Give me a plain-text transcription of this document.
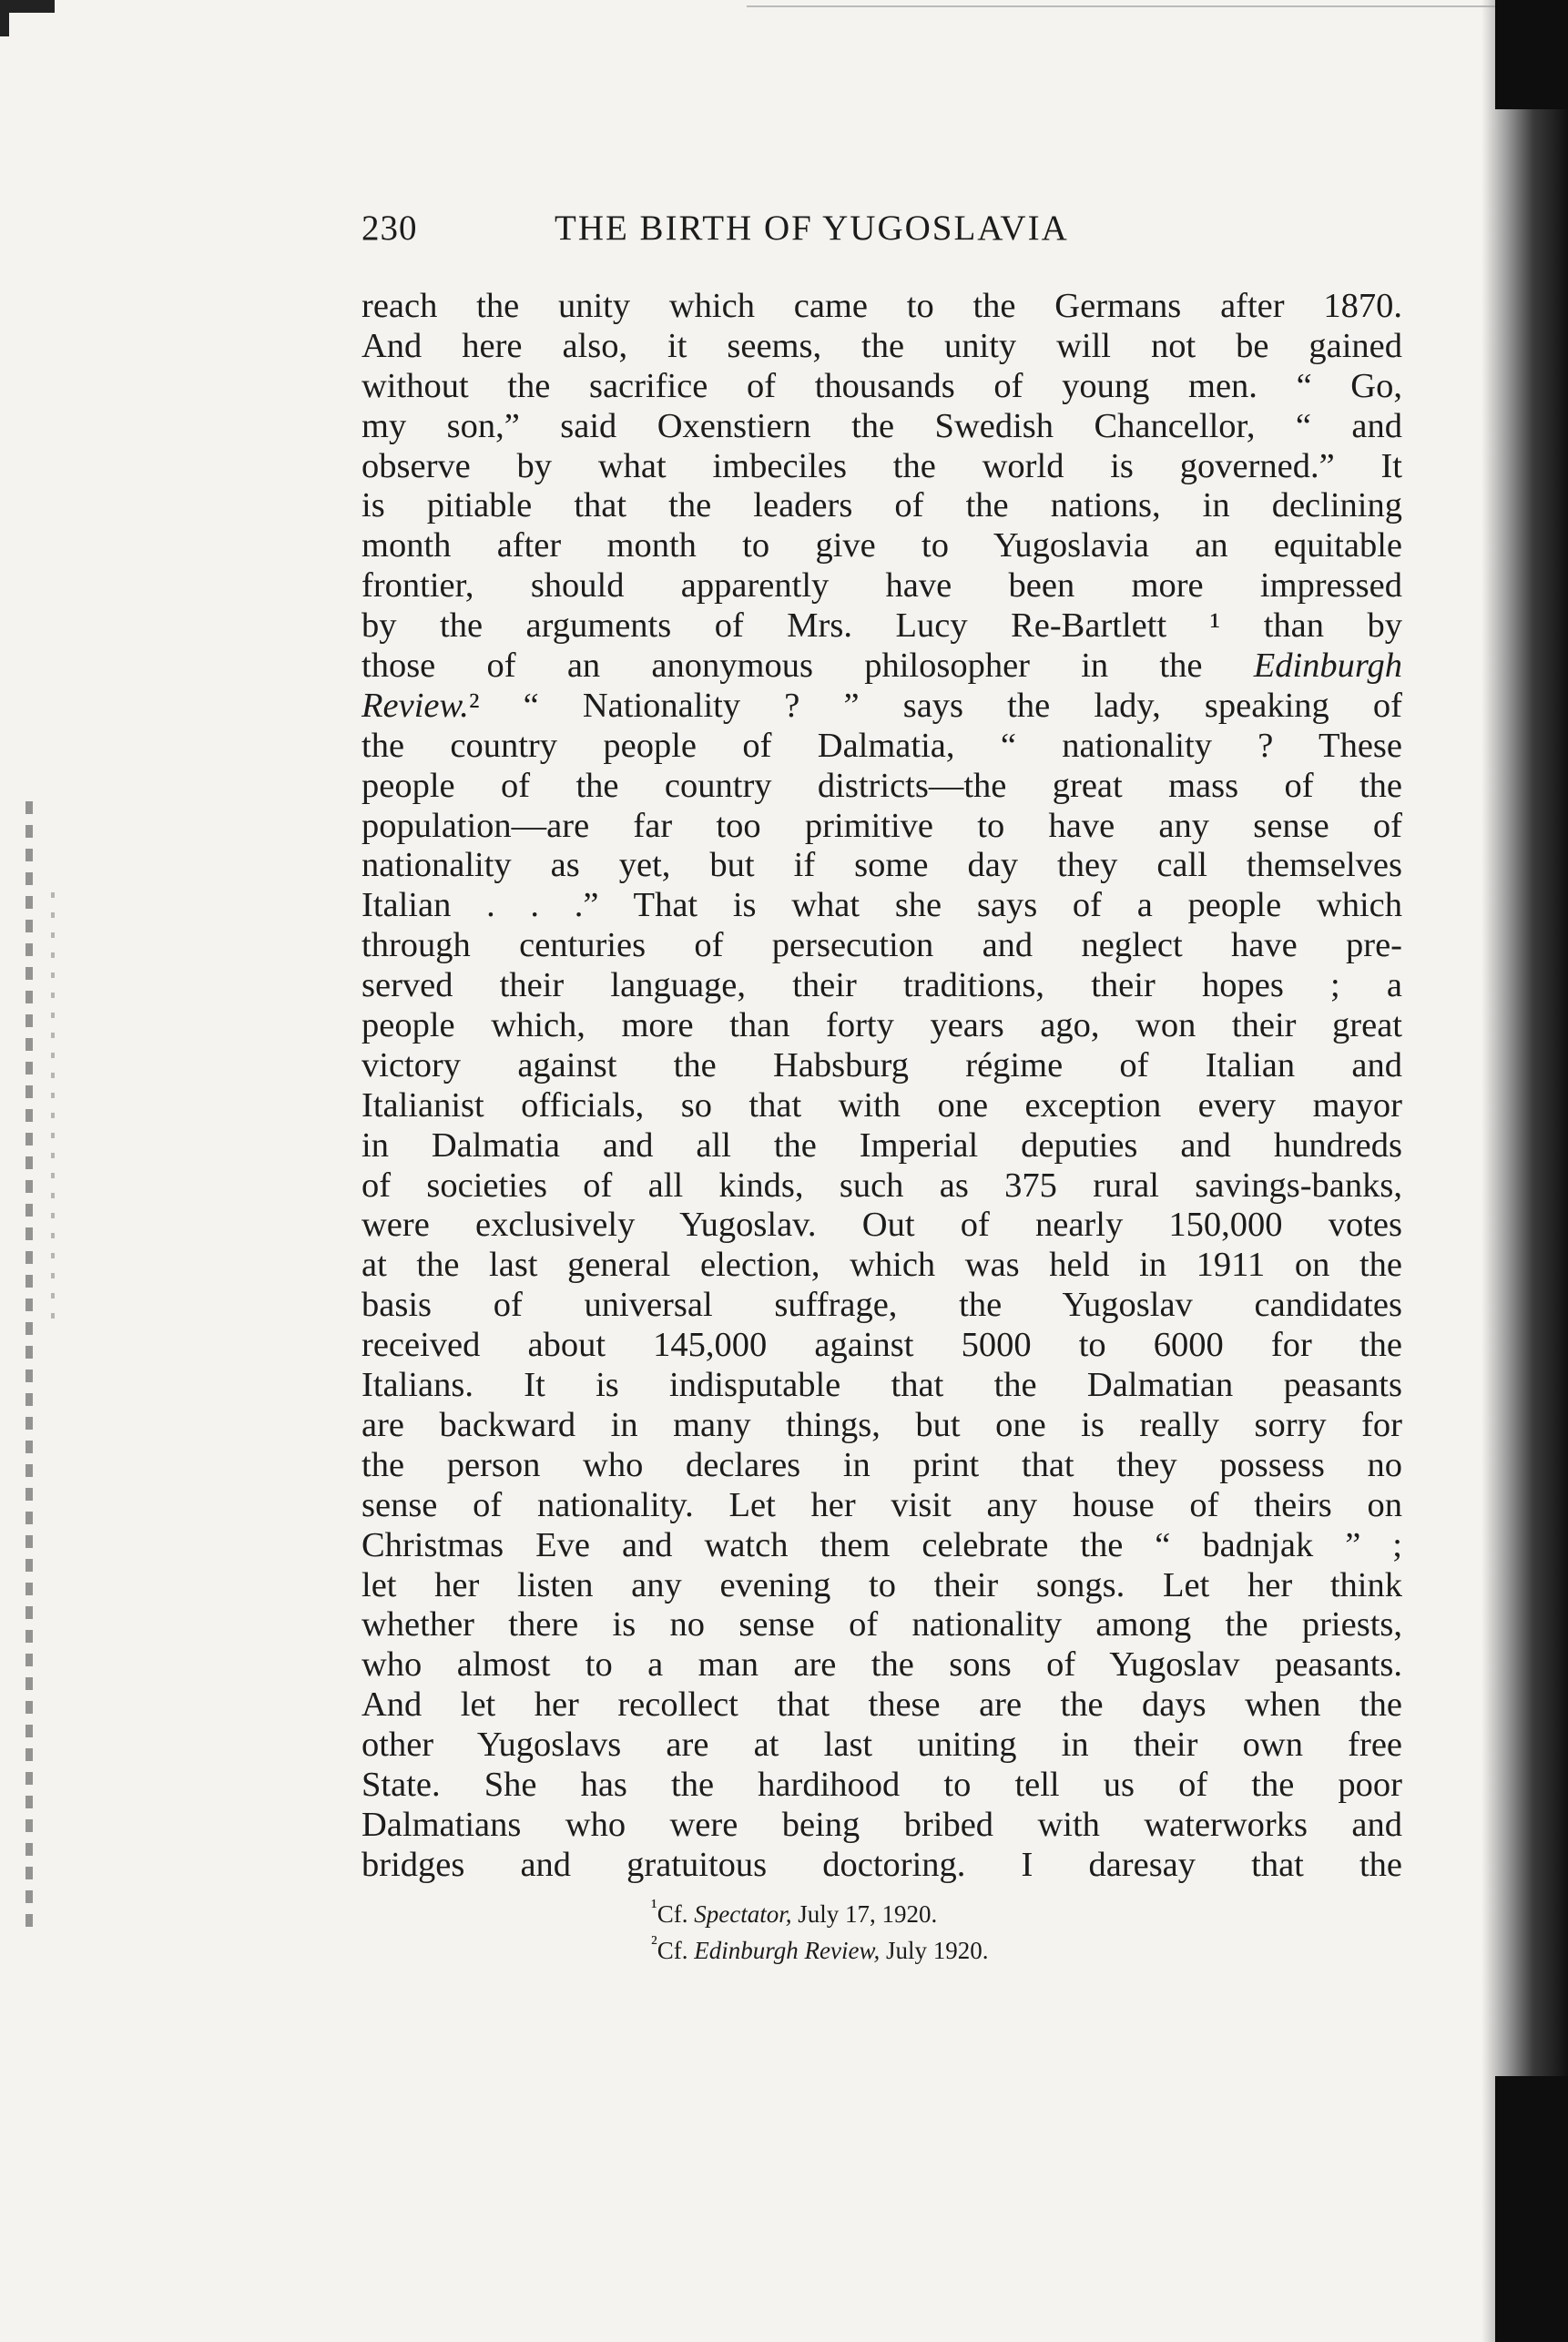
230	THE BIRTH OF YUGOSLAVIA
reach the unity which came to the Germans after 1870.
And here also, it seems, the unity will not be gained
without the sacrifice of thousands of young men. “ Go,
my son,” said Oxenstiern the Swedish Chancellor, “ and
observe by what imbeciles the world is governed.” It
is pitiable that the leaders of the nations, in declining
month after month to give to Yugoslavia an equitable
frontier, should apparently have been more impressed
by the arguments of Mrs. Lucy Re-Bartlett ¹ than by
those of an anonymous philosopher in the Edinburgh
Review.² “ Nationality ? ” says the lady, speaking of
the country people of Dalmatia, “ nationality ? These
people of the country districts—the great mass of the
population—are far too primitive to have any sense of
nationality as yet, but if some day they call themselves
Italian . . .” That is what she says of a people which
through centuries of persecution and neglect have pre-
served their language, their traditions, their hopes ; a
people which, more than forty years ago, won their great
victory against the Habsburg régime of Italian and
Italianist officials, so that with one exception every mayor
in Dalmatia and all the Imperial deputies and hundreds
of societies of all kinds, such as 375 rural savings-banks,
were exclusively Yugoslav. Out of nearly 150,000 votes
at the last general election, which was held in 1911 on the
basis of universal suffrage, the Yugoslav candidates
received about 145,000 against 5000 to 6000 for the
Italians. It is indisputable that the Dalmatian peasants
are backward in many things, but one is really sorry for
the person who declares in print that they possess no
sense of nationality. Let her visit any house of theirs on
Christmas Eve and watch them celebrate the “ badnjak ” ;
let her listen any evening to their songs. Let her think
whether there is no sense of nationality among the priests,
who almost to a man are the sons of Yugoslav peasants.
And let her recollect that these are the days when the
other Yugoslavs are at last uniting in their own free
State. She has the hardihood to tell us of the poor
Dalmatians who were being bribed with waterworks and
bridges and gratuitous doctoring. I daresay that the
$^{^1}$Cf. Spectator, July 17, 1920.
$^{^2}$Cf. Edinburgh Review, July 1920.
